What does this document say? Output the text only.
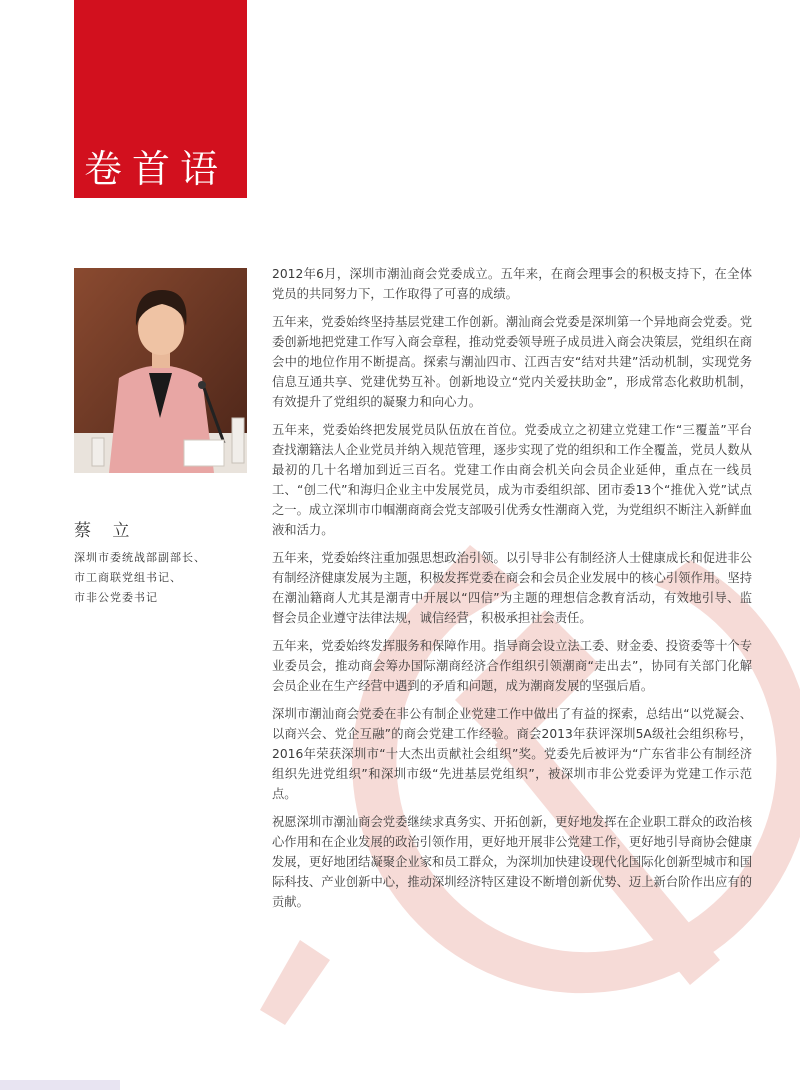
卷首语
蔡 立
深圳市委统战部副部长、
市工商联党组书记、
市非公党委书记

2012年6月，深圳市潮汕商会党委成立。五年来，在商会理事会的积极支持下，在全体党员的共同努力下，工作取得了可喜的成绩。

五年来，党委始终坚持基层党建工作创新。潮汕商会党委是深圳第一个异地商会党委。党委创新地把党建工作写入商会章程，推动党委领导班子成员进入商会决策层，党组织在商会中的地位作用不断提高。探索与潮汕四市、江西吉安“结对共建”活动机制，实现党务信息互通共享、党建优势互补。创新地设立“党内关爱扶助金”，形成常态化救助机制，有效提升了党组织的凝聚力和向心力。

五年来，党委始终把发展党员队伍放在首位。党委成立之初建立党建工作“三覆盖”平台查找潮籍法人企业党员并纳入规范管理，逐步实现了党的组织和工作全覆盖，党员人数从最初的几十名增加到近三百名。党建工作由商会机关向会员企业延伸，重点在一线员工、“创二代”和海归企业主中发展党员，成为市委组织部、团市委13个“推优入党”试点之一。成立深圳市巾帼潮商商会党支部吸引优秀女性潮商入党，为党组织不断注入新鲜血液和活力。

五年来，党委始终注重加强思想政治引领。以引导非公有制经济人士健康成长和促进非公有制经济健康发展为主题，积极发挥党委在商会和会员企业发展中的核心引领作用。坚持在潮汕籍商人尤其是潮青中开展以“四信”为主题的理想信念教育活动，有效地引导、监督会员企业遵守法律法规，诚信经营，积极承担社会责任。

五年来，党委始终发挥服务和保障作用。指导商会设立法工委、财金委、投资委等十个专业委员会，推动商会筹办国际潮商经济合作组织引领潮商“走出去”，协同有关部门化解会员企业在生产经营中遇到的矛盾和问题，成为潮商发展的坚强后盾。

深圳市潮汕商会党委在非公有制企业党建工作中做出了有益的探索，总结出“以党凝会、以商兴会、党企互融”的商会党建工作经验。商会2013年获评深圳5A级社会组织称号，2016年荣获深圳市“十大杰出贡献社会组织”奖。党委先后被评为“广东省非公有制经济组织先进党组织”和深圳市级“先进基层党组织”，被深圳市非公党委评为党建工作示范点。

祝愿深圳市潮汕商会党委继续求真务实、开拓创新，更好地发挥在企业职工群众的政治核心作用和在企业发展的政治引领作用，更好地开展非公党建工作，更好地引导商协会健康发展，更好地团结凝聚企业家和员工群众，为深圳加快建设现代化国际化创新型城市和国际科技、产业创新中心，推动深圳经济特区建设不断增创新优势、迈上新台阶作出应有的贡献。
